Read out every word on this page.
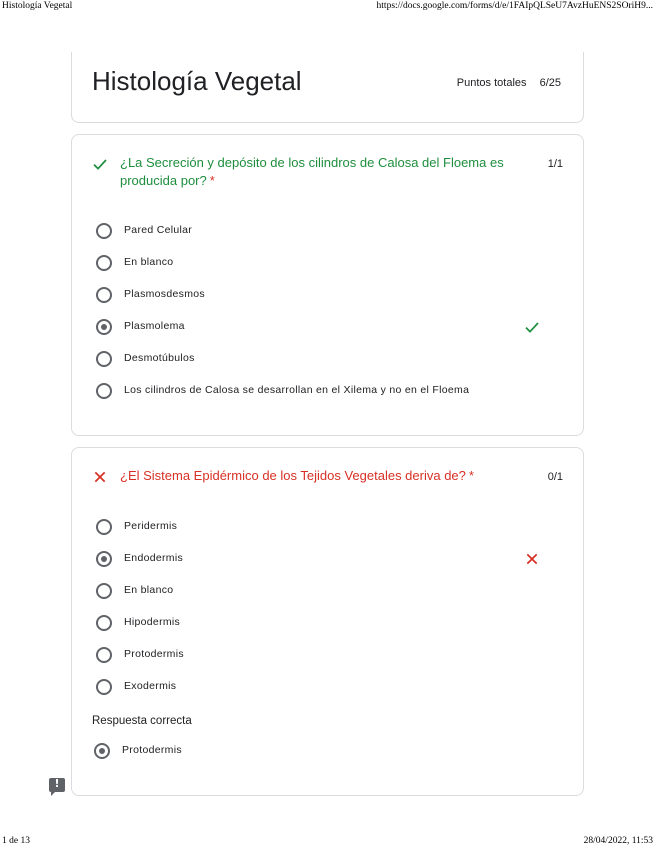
Histología Vegetal	https://docs.google.com/forms/d/e/1FAIpQLSeU7AvzHuENS2SOriH9...
Histología Vegetal	Puntos totales 6/25
¿La Secreción y depósito de los cilindros de Calosa del Floema es producida por? *
1/1
Pared Celular
En blanco
Plasmosdesmos
Plasmolema
Desmotúbulos
Los cilindros de Calosa se desarrollan en el Xilema y no en el Floema
¿El Sistema Epidérmico de los Tejidos Vegetales deriva de? *	0/1
Peridermis
Endodermis
En blanco
Hipodermis
Protodermis
Exodermis
Respuesta correcta
Protodermis
!
1 de 13	28/04/2022, 11:53
